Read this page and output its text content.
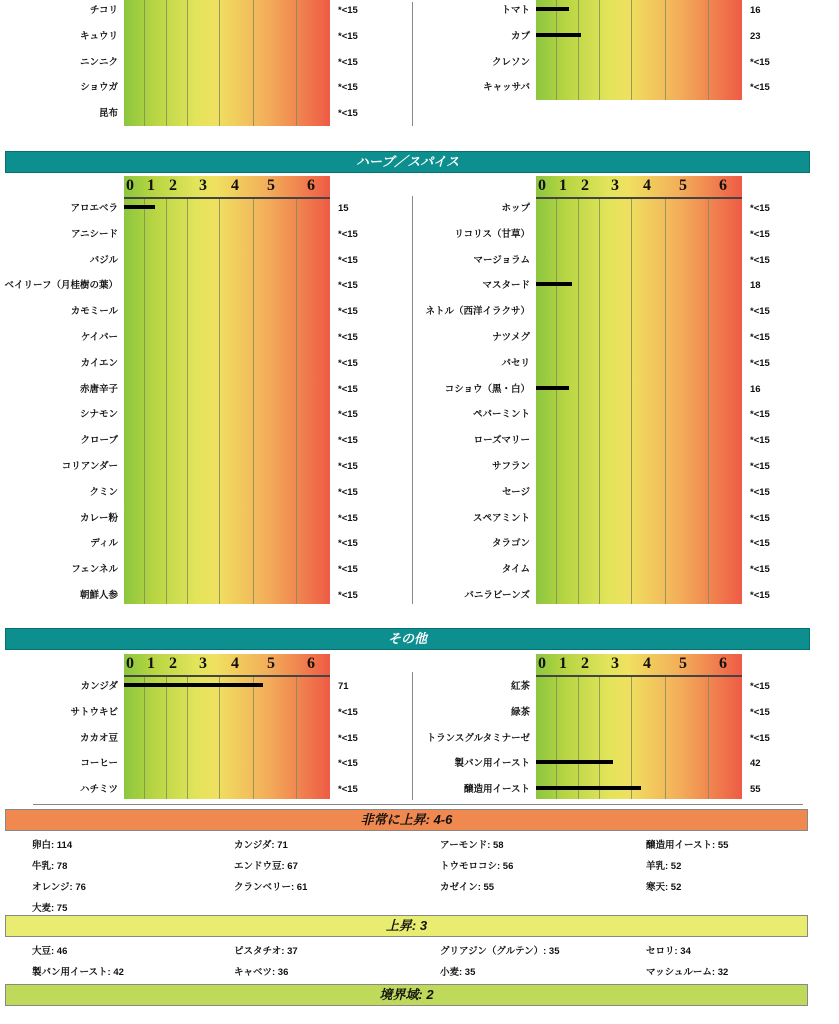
チコリ	*<15
キュウリ	*<15
ニンニク	*<15
ショウガ	*<15
昆布	*<15
トマト	16
カブ	23
クレソン	*<15
キャッサバ	*<15
0 1 2 3 4 5 6
アロエベラ	15
アニシード	*<15
バジル	*<15
ベイリーフ（月桂樹の葉）	*<15
カモミール	*<15
ケイパー	*<15
カイエン	*<15
赤唐辛子	*<15
シナモン	*<15
クローブ	*<15
コリアンダー	*<15
クミン	*<15
カレー粉	*<15
ディル	*<15
フェンネル	*<15
朝鮮人参	*<15
0 1 2 3 4 5 6
ホップ	*<15
リコリス（甘草）	*<15
マージョラム	*<15
マスタード	18
ネトル（西洋イラクサ）	*<15
ナツメグ	*<15
パセリ	*<15
コショウ（黒・白）	16
ペパーミント	*<15
ローズマリー	*<15
サフラン	*<15
セージ	*<15
スペアミント	*<15
タラゴン	*<15
タイム	*<15
バニラビーンズ	*<15
0 1 2 3 4 5 6
カンジダ	71
サトウキビ	*<15
カカオ豆	*<15
コーヒー	*<15
ハチミツ	*<15
0 1 2 3 4 5 6
紅茶	*<15
緑茶	*<15
トランスグルタミナーゼ	*<15
製パン用イースト	42
醸造用イースト	55
ハーブ／スパイス
その他
非常に上昇: 4-6
卵白: 114	カンジダ: 71	アーモンド: 58	醸造用イースト: 55
牛乳: 78	エンドウ豆: 67	トウモロコシ: 56	羊乳: 52
オレンジ: 76	クランベリー: 61	カゼイン: 55	寒天: 52
大麦: 75
上昇: 3
大豆: 46	ピスタチオ: 37	グリアジン（グルテン）: 35	セロリ: 34
製パン用イースト: 42	キャベツ: 36	小麦: 35	マッシュルーム: 32
境界域: 2
